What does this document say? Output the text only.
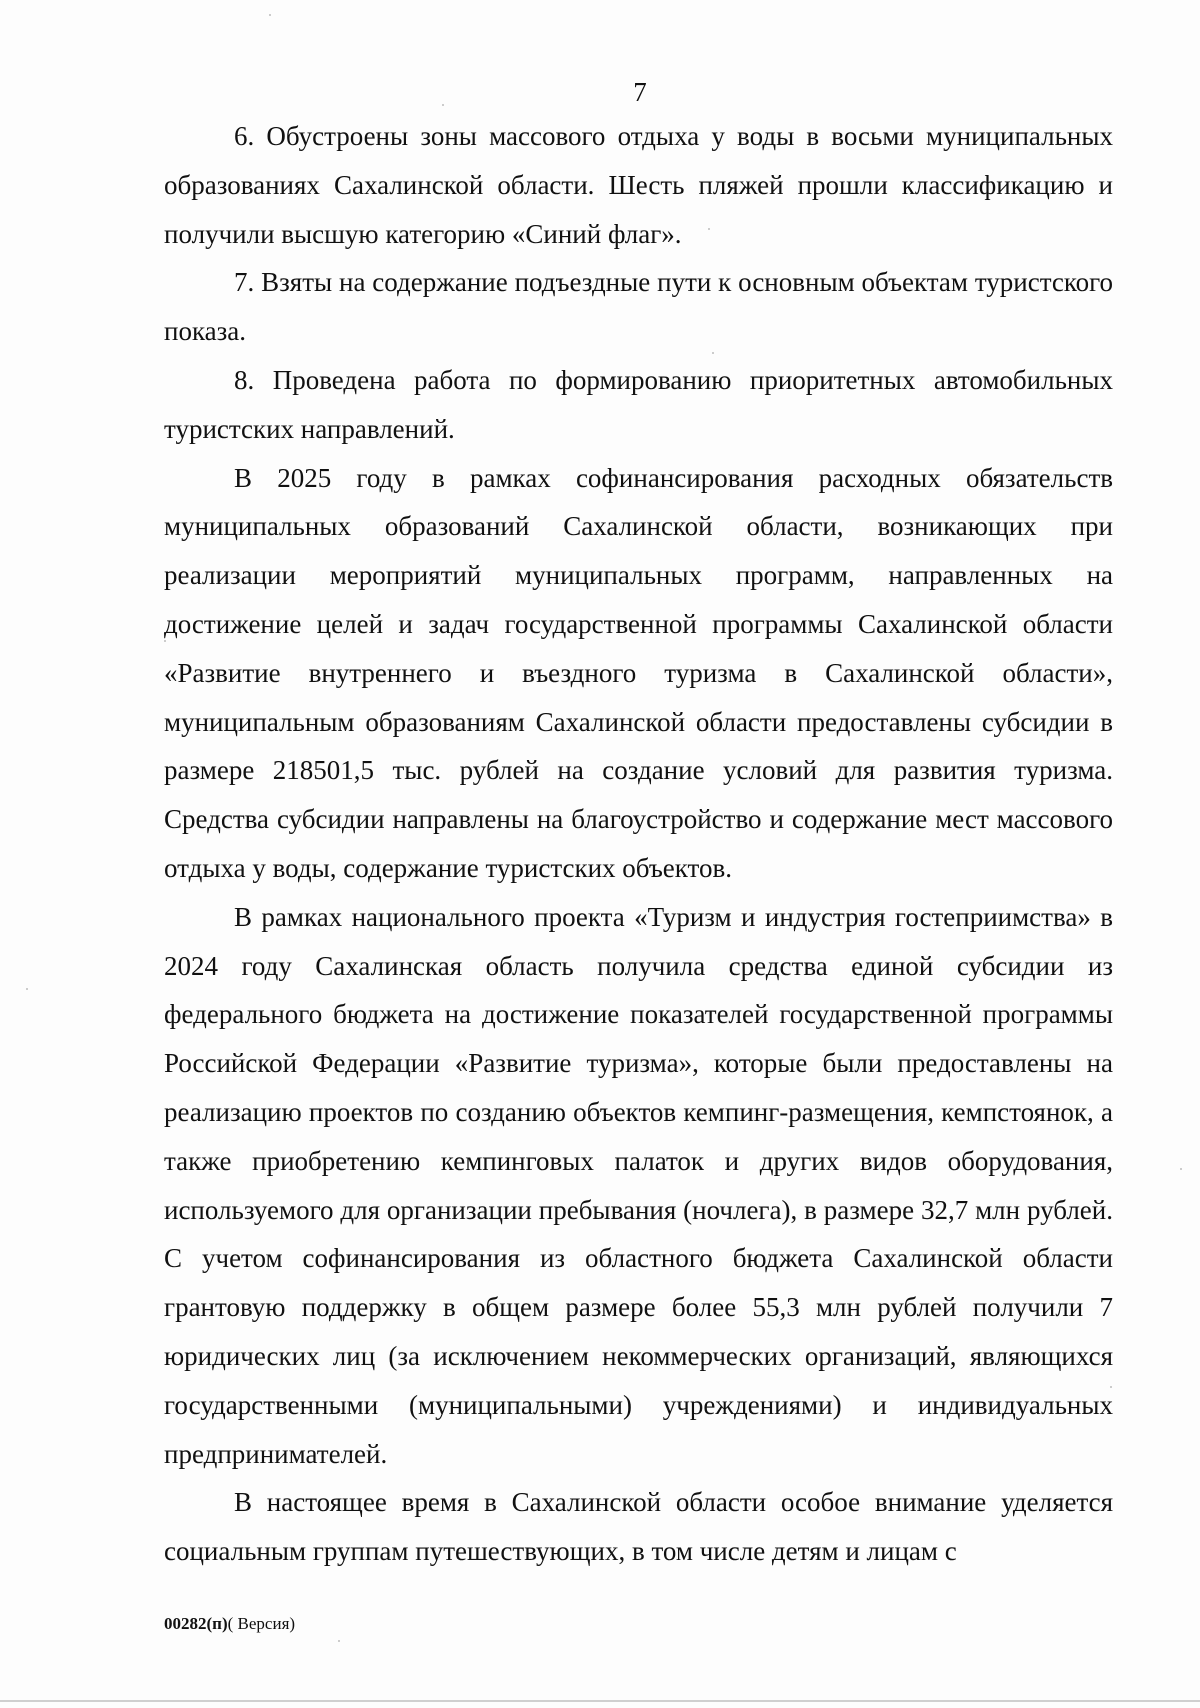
7

6. Обустроены зоны массового отдыха у воды в восьми муниципальных образованиях Сахалинской области. Шесть пляжей прошли классификацию и получили высшую категорию «Синий флаг».

7. Взяты на содержание подъездные пути к основным объектам туристского показа.

8. Проведена работа по формированию приоритетных автомобильных туристских направлений.

В 2025 году в рамках софинансирования расходных обязательств муниципальных образований Сахалинской области, возникающих при реализации мероприятий муниципальных программ, направленных на достижение целей и задач государственной программы Сахалинской области «Развитие внутреннего и въездного туризма в Сахалинской области», муниципальным образованиям Сахалинской области предоставлены субсидии в размере 218501,5 тыс. рублей на создание условий для развития туризма. Средства субсидии направлены на благоустройство и содержание мест массового отдыха у воды, содержание туристских объектов.

В рамках национального проекта «Туризм и индустрия гостеприимства» в 2024 году Сахалинская область получила средства единой субсидии из федерального бюджета на достижение показателей государственной программы Российской Федерации «Развитие туризма», которые были предоставлены на реализацию проектов по созданию объектов кемпинг-размещения, кемпстоянок, а также приобретению кемпинговых палаток и других видов оборудования, используемого для организации пребывания (ночлега), в размере 32,7 млн рублей. С учетом софинансирования из областного бюджета Сахалинской области грантовую поддержку в общем размере более 55,3 млн рублей получили 7 юридических лиц (за исключением некоммерческих организаций, являющихся государственными (муниципальными) учреждениями) и индивидуальных предпринимателей.

В настоящее время в Сахалинской области особое внимание уделяется социальным группам путешествующих, в том числе детям и лицам с

00282(п)( Версия)
